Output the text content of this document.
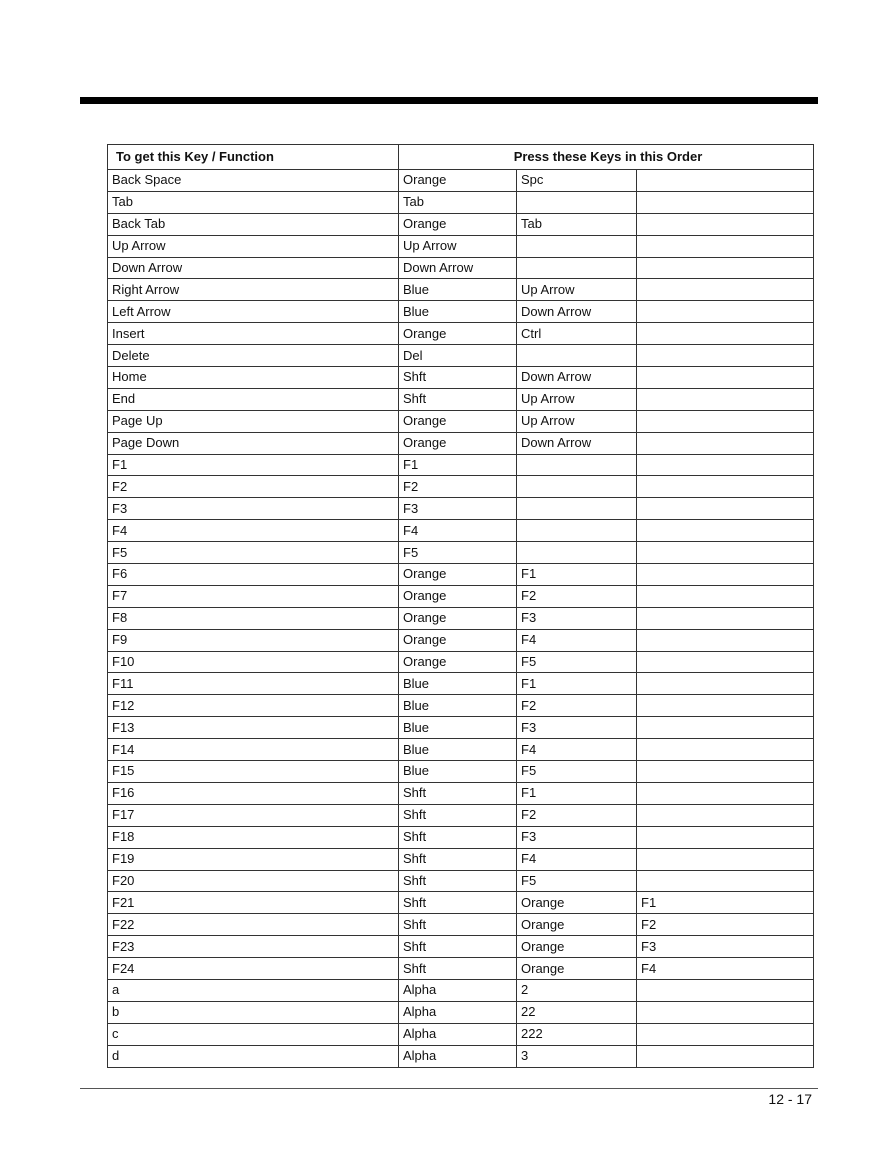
To get this Key / Function	Press these Keys in this Order		
Back Space	Orange	Spc	
Tab	Tab		
Back Tab	Orange	Tab	
Up Arrow	Up Arrow		
Down Arrow	Down Arrow		
Right Arrow	Blue	Up Arrow	
Left Arrow	Blue	Down Arrow	
Insert	Orange	Ctrl	
Delete	Del		
Home	Shft	Down Arrow	
End	Shft	Up Arrow	
Page Up	Orange	Up Arrow	
Page Down	Orange	Down Arrow	
F1	F1		
F2	F2		
F3	F3		
F4	F4		
F5	F5		
F6	Orange	F1	
F7	Orange	F2	
F8	Orange	F3	
F9	Orange	F4	
F10	Orange	F5	
F11	Blue	F1	
F12	Blue	F2	
F13	Blue	F3	
F14	Blue	F4	
F15	Blue	F5	
F16	Shft	F1	
F17	Shft	F2	
F18	Shft	F3	
F19	Shft	F4	
F20	Shft	F5	
F21	Shft	Orange	F1
F22	Shft	Orange	F2
F23	Shft	Orange	F3
F24	Shft	Orange	F4
a	Alpha	2	
b	Alpha	22	
c	Alpha	222	
d	Alpha	3	
12 - 17
